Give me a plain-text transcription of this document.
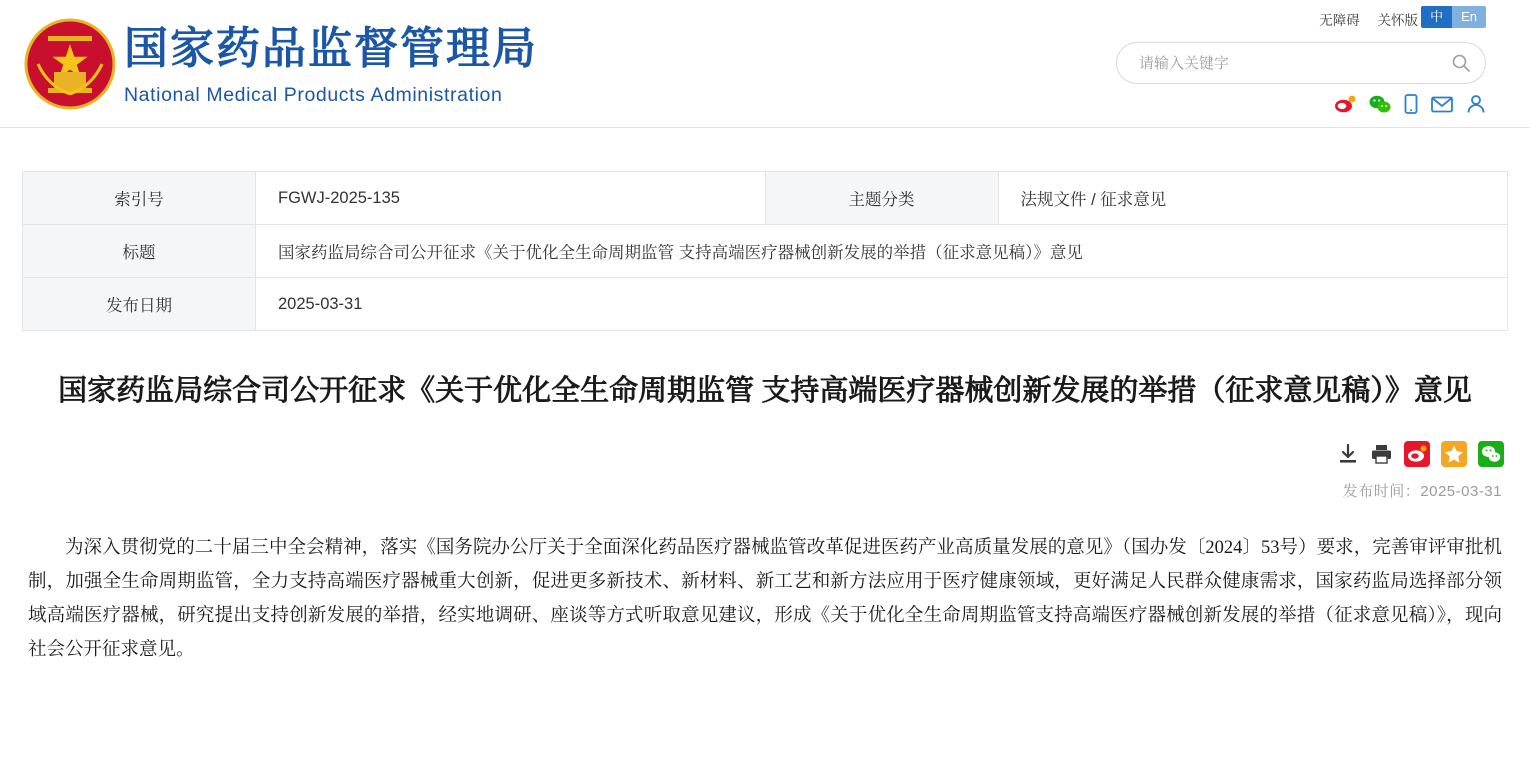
国家药品监督管理局
National Medical Products Administration
无障碍 关怀版 中	En
请输入关键字
索引号	FGWJ-2025-135	主题分类	法规文件 / 征求意见
标题	国家药监局综合司公开征求《关于优化全生命周期监管 支持高端医疗器械创新发展的举措（征求意见稿）》意见		
发布日期	2025-03-31		
国家药监局综合司公开征求《关于优化全生命周期监管 支持高端医疗器械创新发展的举措（征求意见稿）》意见
发布时间：2025-03-31

为深入贯彻党的二十届三中全会精神，落实《国务院办公厅关于全面深化药品医疗器械监管改革促进医药产业高质量发展的意见》（国办发〔2024〕53号）要求，完善审评审批机制，加强全生命周期监管，全力支持高端医疗器械重大创新，促进更多新技术、新材料、新工艺和新方法应用于医疗健康领域，更好满足人民群众健康需求，国家药监局选择部分领域高端医疗器械，研究提出支持创新发展的举措，经实地调研、座谈等方式听取意见建议，形成《关于优化全生命周期监管支持高端医疗器械创新发展的举措（征求意见稿）》，现向社会公开征求意见。
